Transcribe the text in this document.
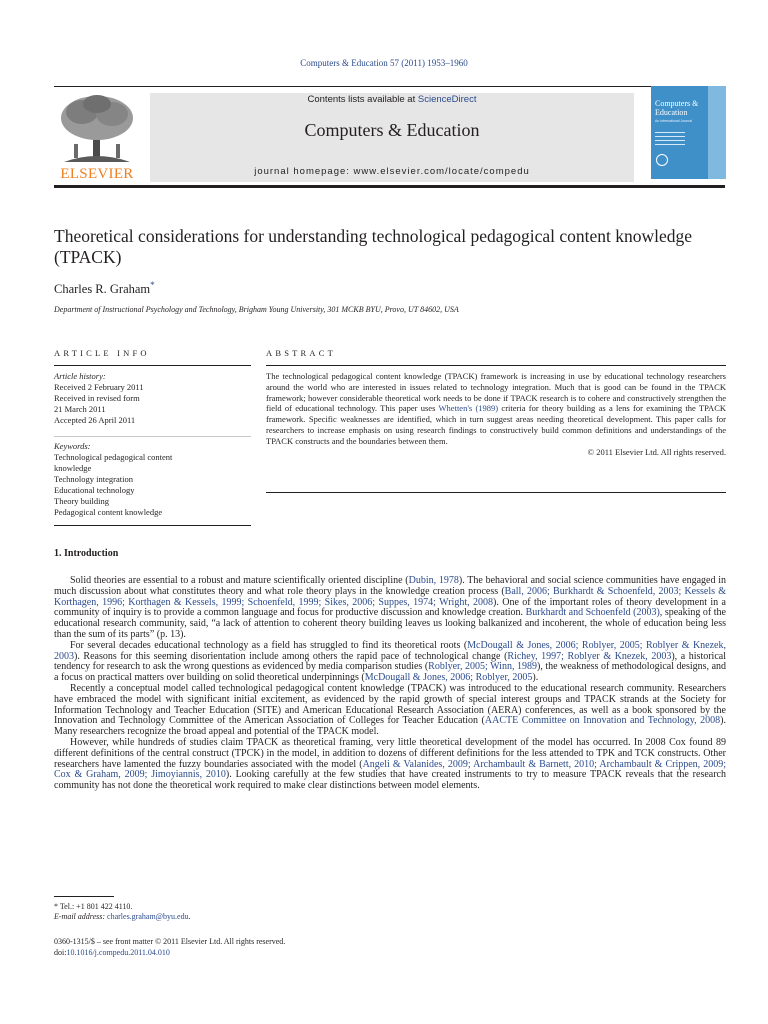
Computers & Education 57 (2011) 1953–1960
ELSEVIER
Contents lists available at ScienceDirect
Computers & Education
journal homepage: www.elsevier.com/locate/compedu
Computers & Education
An International Journal
Theoretical considerations for understanding technological pedagogical content knowledge (TPACK)
Charles R. Graham*
Department of Instructional Psychology and Technology, Brigham Young University, 301 MCKB BYU, Provo, UT 84602, USA
ARTICLE INFO	ABSTRACT
Article history:
Received 2 February 2011
Received in revised form
21 March 2011
Accepted 26 April 2011
Keywords:
Technological pedagogical content
knowledge
Technology integration
Educational technology
Theory building
Pedagogical content knowledge
The technological pedagogical content knowledge (TPACK) framework is increasing in use by educational technology researchers around the world who are interested in issues related to technology integration. Much that is good can be found in the TPACK framework; however considerable theoretical work needs to be done if TPACK research is to cohere and constructively strengthen the field of educational technology. This paper uses Whetten's (1989) criteria for theory building as a lens for examining the TPACK framework. Specific weaknesses are identified, which in turn suggest areas needing theoretical development. This paper calls for researchers to increase emphasis on using research findings to constructively build common definitions and understandings of the TPACK constructs and the boundaries between them.
© 2011 Elsevier Ltd. All rights reserved.
1. Introduction

Solid theories are essential to a robust and mature scientifically oriented discipline (Dubin, 1978). The behavioral and social science communities have engaged in much discussion about what constitutes theory and what role theory plays in the knowledge creation process (Ball, 2006; Burkhardt & Schoenfeld, 2003; Kessels & Korthagen, 1996; Korthagen & Kessels, 1999; Schoenfeld, 1999; Sikes, 2006; Suppes, 1974; Wright, 2008). One of the important roles of theory development in a community of inquiry is to provide a common language and focus for productive discussion and knowledge creation. Burkhardt and Schoenfeld (2003), speaking of the educational research community, said, “a lack of attention to coherent theory building leaves us looking balkanized and incoherent, the whole of education being less than the sum of its parts” (p. 13).

For several decades educational technology as a field has struggled to find its theoretical roots (McDougall & Jones, 2006; Roblyer, 2005; Roblyer & Knezek, 2003). Reasons for this seeming disorientation include among others the rapid pace of technological change (Richey, 1997; Roblyer & Knezek, 2003), a historical tendency for research to ask the wrong questions as evidenced by media comparison studies (Roblyer, 2005; Winn, 1989), the weakness of methodological designs, and a focus on practical matters over building on solid theoretical underpinnings (McDougall & Jones, 2006; Roblyer, 2005).

Recently a conceptual model called technological pedagogical content knowledge (TPACK) was introduced to the educational research community. Researchers have embraced the model with significant initial excitement, as evidenced by the rapid growth of special interest groups and TPACK strands at the Society for Information Technology and Teacher Education (SITE) and American Educational Research Association (AERA) conferences, as well as a book sponsored by the Innovation and Technology Committee of the American Association of Colleges for Teacher Education (AACTE Committee on Innovation and Technology, 2008). Many researchers recognize the broad appeal and potential of the TPACK model.

However, while hundreds of studies claim TPACK as theoretical framing, very little theoretical development of the model has occurred. In 2008 Cox found 89 different definitions of the central construct (TPCK) in the model, in addition to dozens of different definitions for the less attended to TPK and TCK constructs. Other researchers have lamented the fuzzy boundaries associated with the model (Angeli & Valanides, 2009; Archambault & Barnett, 2010; Archambault & Crippen, 2009; Cox & Graham, 2009; Jimoyiannis, 2010). Looking carefully at the few studies that have created instruments to try to measure TPACK reveals that the research community has not done the theoretical work required to make clear distinctions between model elements.

* Tel.: +1 801 422 4110.
E-mail address: charles.graham@byu.edu.
0360-1315/$ – see front matter © 2011 Elsevier Ltd. All rights reserved.
doi:10.1016/j.compedu.2011.04.010
